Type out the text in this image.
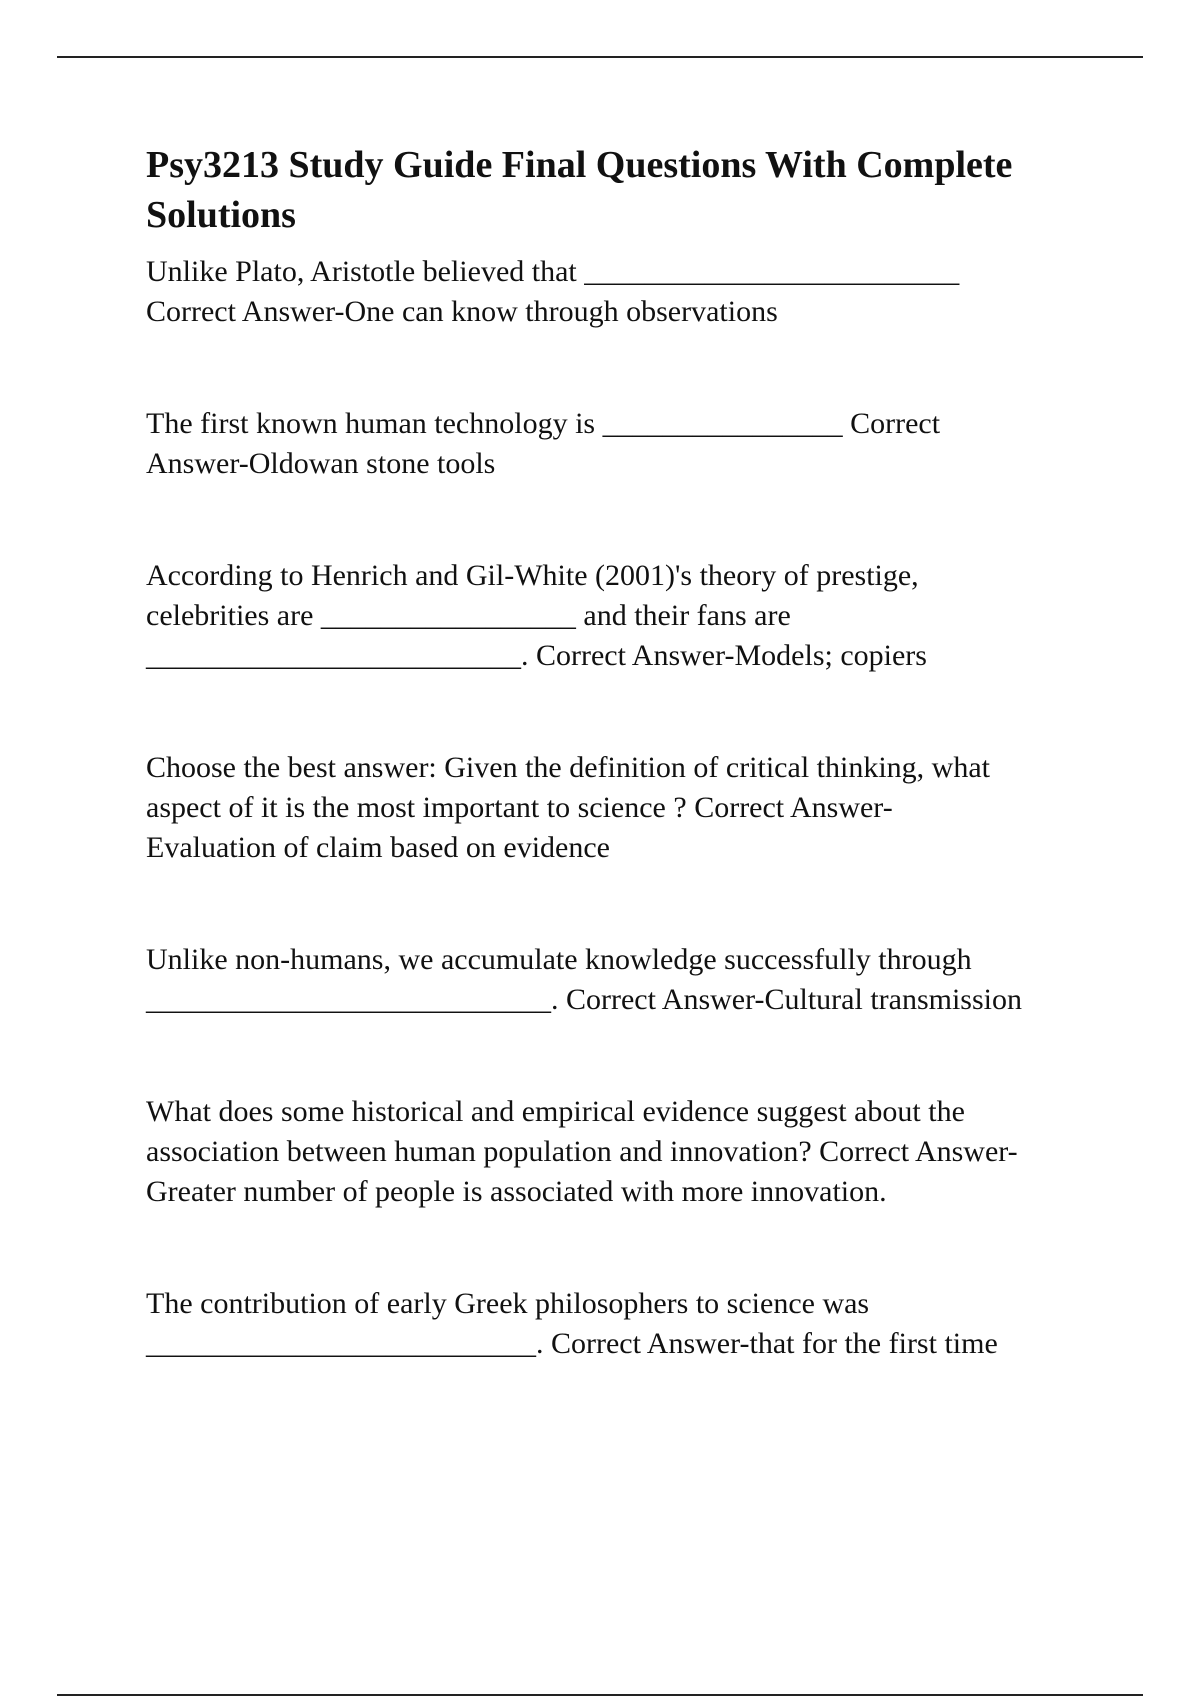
Psy3213 Study Guide Final Questions With Complete
Solutions

Unlike Plato, Aristotle believed that _________________________
Correct Answer-One can know through observations

The first known human technology is ________________ Correct
Answer-Oldowan stone tools

According to Henrich and Gil-White (2001)'s theory of prestige,
celebrities are _________________ and their fans are
_________________________. Correct Answer-Models; copiers

Choose the best answer: Given the definition of critical thinking, what
aspect of it is the most important to science ? Correct Answer-
Evaluation of claim based on evidence

Unlike non-humans, we accumulate knowledge successfully through
___________________________. Correct Answer-Cultural transmission

What does some historical and empirical evidence suggest about the
association between human population and innovation? Correct Answer-
Greater number of people is associated with more innovation.

The contribution of early Greek philosophers to science was
__________________________. Correct Answer-that for the first time
